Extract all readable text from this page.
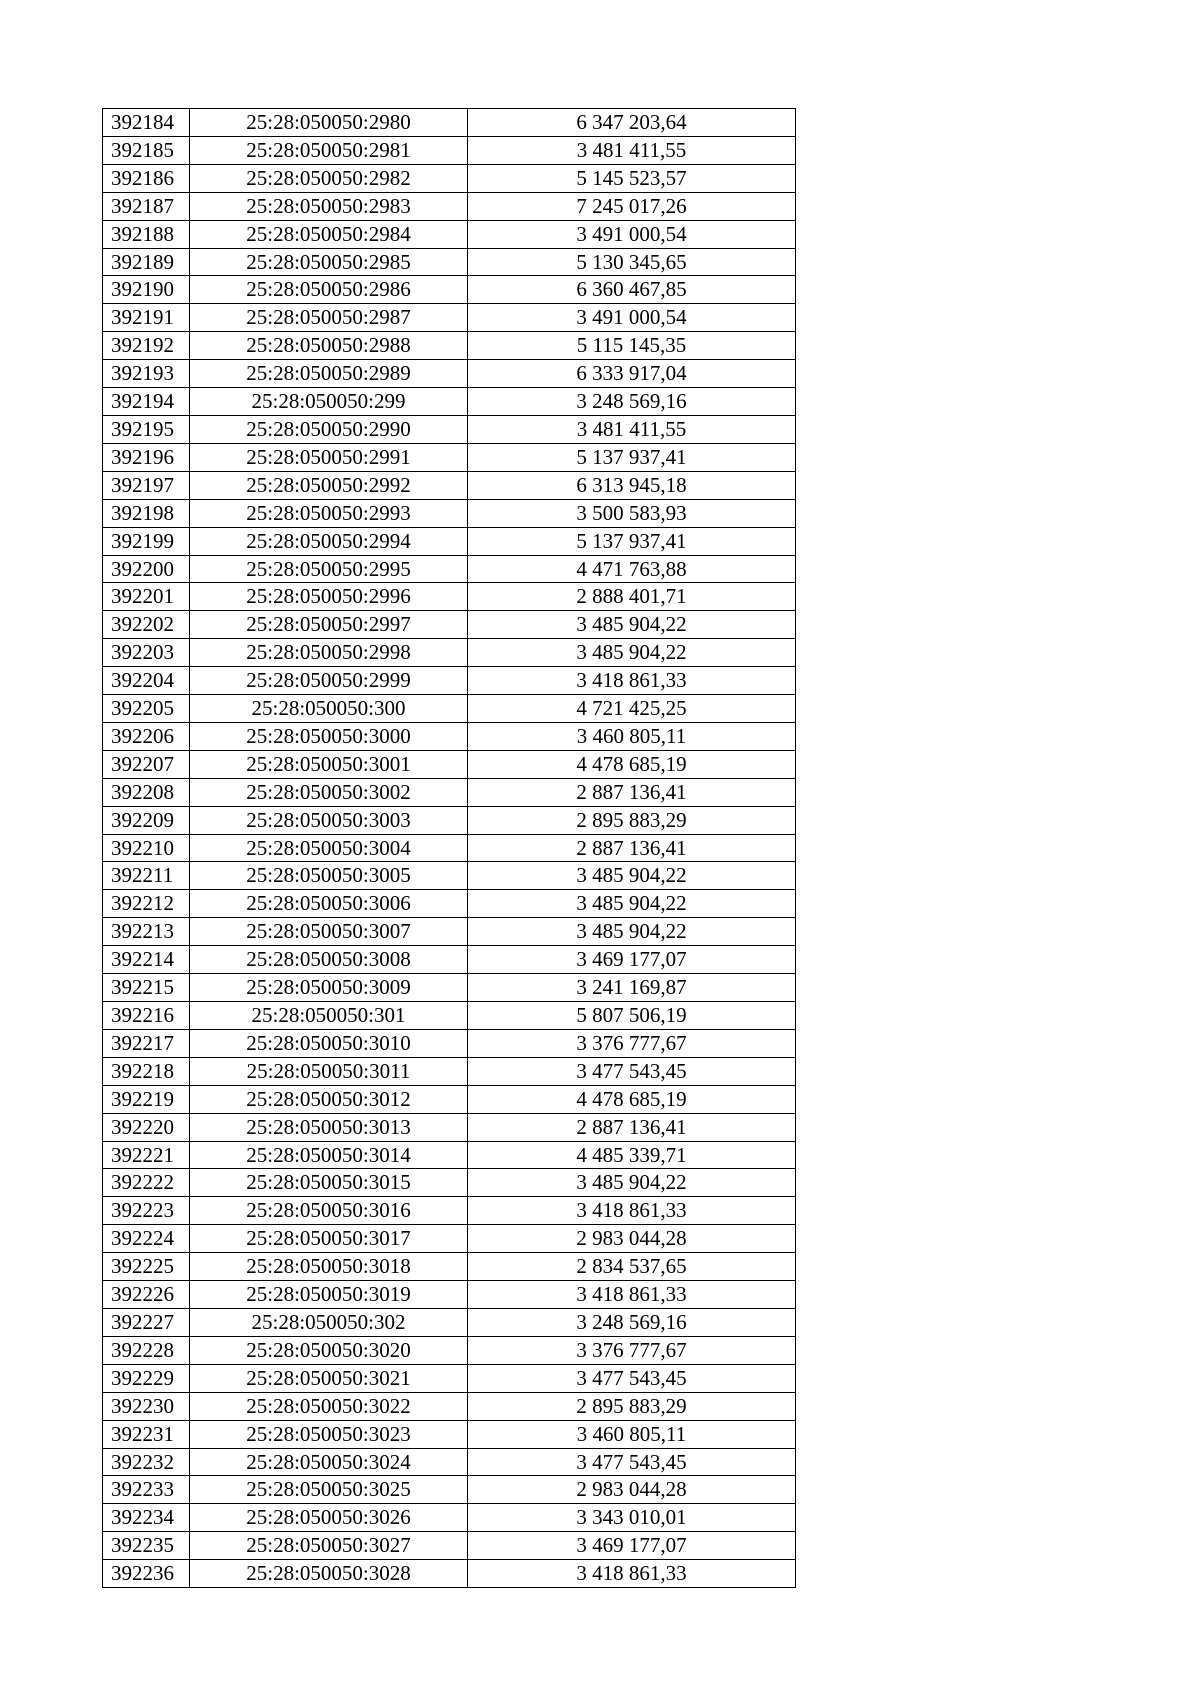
392184	25:28:050050:2980	6 347 203,64
392185	25:28:050050:2981	3 481 411,55
392186	25:28:050050:2982	5 145 523,57
392187	25:28:050050:2983	7 245 017,26
392188	25:28:050050:2984	3 491 000,54
392189	25:28:050050:2985	5 130 345,65
392190	25:28:050050:2986	6 360 467,85
392191	25:28:050050:2987	3 491 000,54
392192	25:28:050050:2988	5 115 145,35
392193	25:28:050050:2989	6 333 917,04
392194	25:28:050050:299	3 248 569,16
392195	25:28:050050:2990	3 481 411,55
392196	25:28:050050:2991	5 137 937,41
392197	25:28:050050:2992	6 313 945,18
392198	25:28:050050:2993	3 500 583,93
392199	25:28:050050:2994	5 137 937,41
392200	25:28:050050:2995	4 471 763,88
392201	25:28:050050:2996	2 888 401,71
392202	25:28:050050:2997	3 485 904,22
392203	25:28:050050:2998	3 485 904,22
392204	25:28:050050:2999	3 418 861,33
392205	25:28:050050:300	4 721 425,25
392206	25:28:050050:3000	3 460 805,11
392207	25:28:050050:3001	4 478 685,19
392208	25:28:050050:3002	2 887 136,41
392209	25:28:050050:3003	2 895 883,29
392210	25:28:050050:3004	2 887 136,41
392211	25:28:050050:3005	3 485 904,22
392212	25:28:050050:3006	3 485 904,22
392213	25:28:050050:3007	3 485 904,22
392214	25:28:050050:3008	3 469 177,07
392215	25:28:050050:3009	3 241 169,87
392216	25:28:050050:301	5 807 506,19
392217	25:28:050050:3010	3 376 777,67
392218	25:28:050050:3011	3 477 543,45
392219	25:28:050050:3012	4 478 685,19
392220	25:28:050050:3013	2 887 136,41
392221	25:28:050050:3014	4 485 339,71
392222	25:28:050050:3015	3 485 904,22
392223	25:28:050050:3016	3 418 861,33
392224	25:28:050050:3017	2 983 044,28
392225	25:28:050050:3018	2 834 537,65
392226	25:28:050050:3019	3 418 861,33
392227	25:28:050050:302	3 248 569,16
392228	25:28:050050:3020	3 376 777,67
392229	25:28:050050:3021	3 477 543,45
392230	25:28:050050:3022	2 895 883,29
392231	25:28:050050:3023	3 460 805,11
392232	25:28:050050:3024	3 477 543,45
392233	25:28:050050:3025	2 983 044,28
392234	25:28:050050:3026	3 343 010,01
392235	25:28:050050:3027	3 469 177,07
392236	25:28:050050:3028	3 418 861,33
